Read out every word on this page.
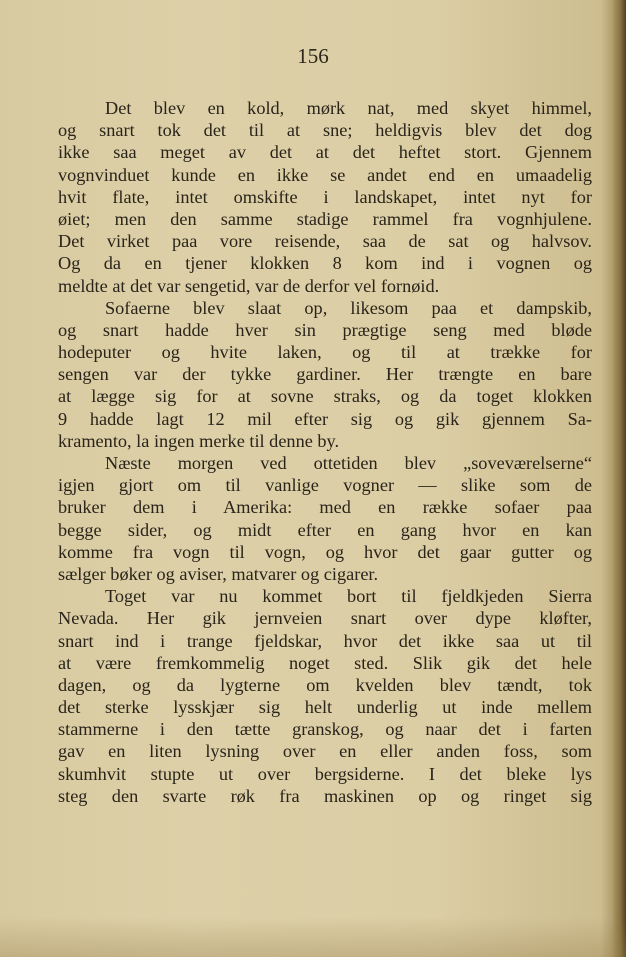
156
Det blev en kold, mørk nat, med skyet himmel,
og snart tok det til at sne; heldigvis blev det dog
ikke saa meget av det at det heftet stort. Gjennem
vognvinduet kunde en ikke se andet end en umaadelig
hvit flate, intet omskifte i landskapet, intet nyt for
øiet; men den samme stadige rammel fra vognhjulene.
Det virket paa vore reisende, saa de sat og halvsov.
Og da en tjener klokken 8 kom ind i vognen og
meldte at det var sengetid, var de derfor vel fornøid.
Sofaerne blev slaat op, likesom paa et dampskib,
og snart hadde hver sin prægtige seng med bløde
hodeputer og hvite laken, og til at trække for
sengen var der tykke gardiner. Her trængte en bare
at lægge sig for at sovne straks, og da toget klokken
9 hadde lagt 12 mil efter sig og gik gjennem Sa-
kramento, la ingen merke til denne by.
Næste morgen ved ottetiden blev „soveværelserne“
igjen gjort om til vanlige vogner — slike som de
bruker dem i Amerika: med en række sofaer paa
begge sider, og midt efter en gang hvor en kan
komme fra vogn til vogn, og hvor det gaar gutter og
sælger bøker og aviser, matvarer og cigarer.
Toget var nu kommet bort til fjeldkjeden Sierra
Nevada. Her gik jernveien snart over dype kløfter,
snart ind i trange fjeldskar, hvor det ikke saa ut til
at være fremkommelig noget sted. Slik gik det hele
dagen, og da lygterne om kvelden blev tændt, tok
det sterke lysskjær sig helt underlig ut inde mellem
stammerne i den tætte granskog, og naar det i farten
gav en liten lysning over en eller anden foss, som
skumhvit stupte ut over bergsiderne. I det bleke lys
steg den svarte røk fra maskinen op og ringet sig
